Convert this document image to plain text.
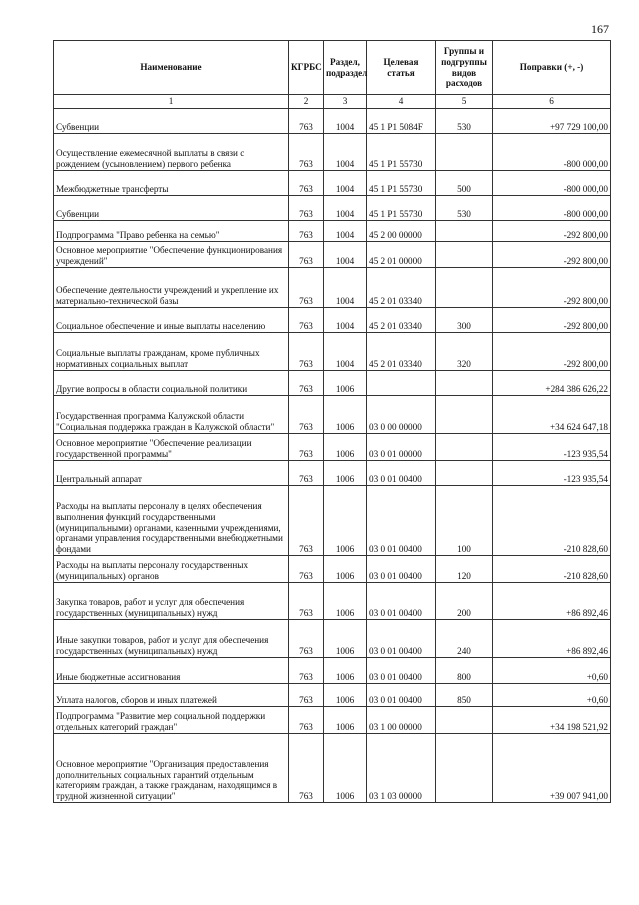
167
Наименование	КГРБС	Раздел, подраздел	Целевая статья	Группы и подгруппы видов расходов	Поправки (+, -)
1	2	3	4	5	6
Субвенции	763	1004	45 1 P1 5084F	530	+97 729 100,00
Осуществление ежемесячной выплаты в связи с рождением (усыновлением) первого ребенка	763	1004	45 1 P1 55730		-800 000,00
Межбюджетные трансферты	763	1004	45 1 P1 55730	500	-800 000,00
Субвенции	763	1004	45 1 P1 55730	530	-800 000,00
Подпрограмма "Право ребенка на семью"	763	1004	45 2 00 00000		-292 800,00
Основное мероприятие "Обеспечение функционирования учреждений"	763	1004	45 2 01 00000		-292 800,00
Обеспечение деятельности учреждений и укрепление их материально-технической базы	763	1004	45 2 01 03340		-292 800,00
Социальное обеспечение и иные выплаты населению	763	1004	45 2 01 03340	300	-292 800,00
Социальные выплаты гражданам, кроме публичных нормативных социальных выплат	763	1004	45 2 01 03340	320	-292 800,00
Другие вопросы в области социальной политики	763	1006			+284 386 626,22
Государственная программа Калужской области "Социальная поддержка граждан в Калужской области"	763	1006	03 0 00 00000		+34 624 647,18
Основное мероприятие "Обеспечение реализации государственной программы"	763	1006	03 0 01 00000		-123 935,54
Центральный аппарат	763	1006	03 0 01 00400		-123 935,54
Расходы на выплаты персоналу в целях обеспечения выполнения функций государственными (муниципальными) органами, казенными учреждениями, органами управления государственными внебюджетными фондами	763	1006	03 0 01 00400	100	-210 828,60
Расходы на выплаты персоналу государственных (муниципальных) органов	763	1006	03 0 01 00400	120	-210 828,60
Закупка товаров, работ и услуг для обеспечения государственных (муниципальных) нужд	763	1006	03 0 01 00400	200	+86 892,46
Иные закупки товаров, работ и услуг для обеспечения государственных (муниципальных) нужд	763	1006	03 0 01 00400	240	+86 892,46
Иные бюджетные ассигнования	763	1006	03 0 01 00400	800	+0,60
Уплата налогов, сборов и иных платежей	763	1006	03 0 01 00400	850	+0,60
Подпрограмма "Развитие мер социальной поддержки отдельных категорий граждан"	763	1006	03 1 00 00000		+34 198 521,92
Основное мероприятие "Организация предоставления дополнительных социальных гарантий отдельным категориям граждан, а также гражданам, находящимся в трудной жизненной ситуации"	763	1006	03 1 03 00000		+39 007 941,00
